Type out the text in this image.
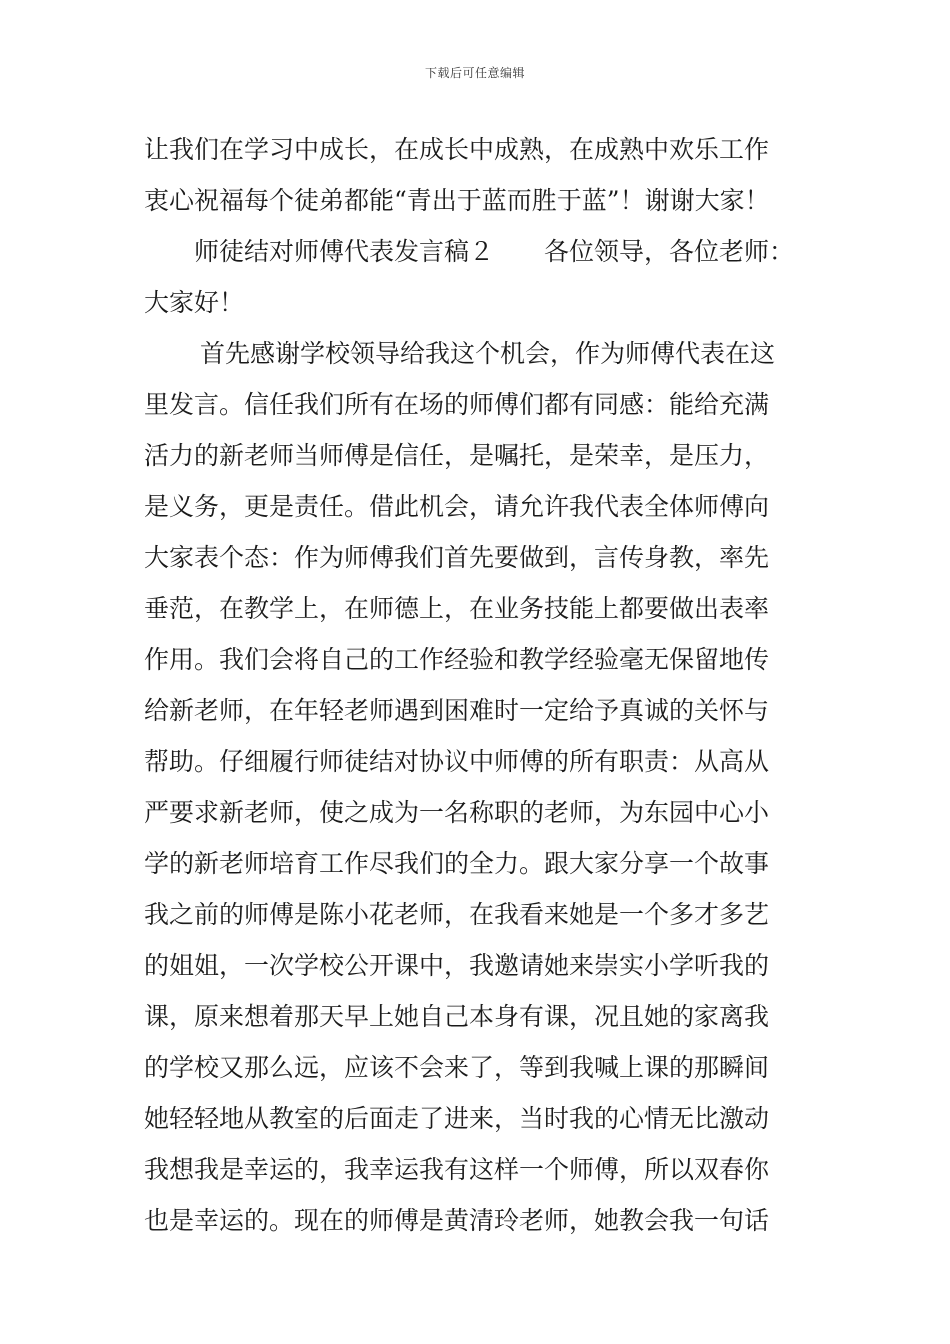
下载后可任意编辑
让我们在学习中成长，在成长中成熟，在成熟中欢乐工作
衷心祝福每个徒弟都能“青出于蓝而胜于蓝”！谢谢大家！
师徒结对师傅代表发言稿２　　各位领导，各位老师：
大家好！
首先感谢学校领导给我这个机会，作为师傅代表在这
里发言。信任我们所有在场的师傅们都有同感：能给充满
活力的新老师当师傅是信任，是嘱托，是荣幸，是压力，
是义务，更是责任。借此机会，请允许我代表全体师傅向
大家表个态：作为师傅我们首先要做到，言传身教，率先
垂范，在教学上，在师德上，在业务技能上都要做出表率
作用。我们会将自己的工作经验和教学经验毫无保留地传
给新老师，在年轻老师遇到困难时一定给予真诚的关怀与
帮助。仔细履行师徒结对协议中师傅的所有职责：从高从
严要求新老师，使之成为一名称职的老师，为东园中心小
学的新老师培育工作尽我们的全力。跟大家分享一个故事
我之前的师傅是陈小花老师，在我看来她是一个多才多艺
的姐姐，一次学校公开课中，我邀请她来崇实小学听我的
课，原来想着那天早上她自己本身有课，况且她的家离我
的学校又那么远，应该不会来了，等到我喊上课的那瞬间
她轻轻地从教室的后面走了进来，当时我的心情无比激动
我想我是幸运的，我幸运我有这样一个师傅，所以双春你
也是幸运的。现在的师傅是黄清玲老师，她教会我一句话
